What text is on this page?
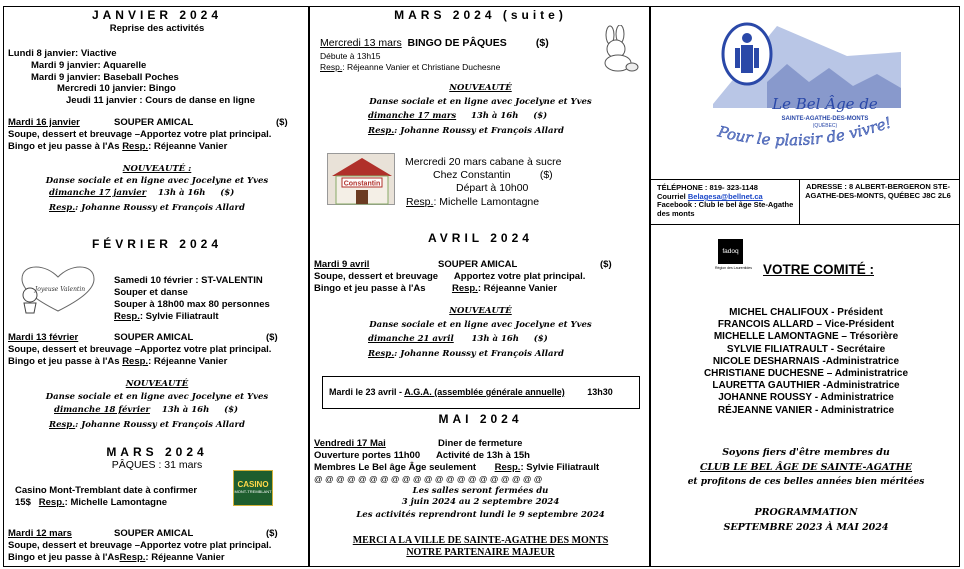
JANVIER 2024
Reprise des activités
Lundi 8 janvier: Viactive
Mardi 9 janvier: Aquarelle
Mardi 9 janvier: Baseball Poches
Mercredi 10 janvier: Bingo
Jeudi 11 janvier : Cours de danse en ligne
Mardi 16 janvier	SOUPER AMICAL	($)
Soupe, dessert et breuvage –Apportez votre plat principal.
Bingo et jeu passe à l'As Resp.: Réjeanne Vanier
NOUVEAUTÉ :
Danse sociale et en ligne avec Jocelyne et Yves
dimanche 17 janvier 13h à 16h ($)
Resp.: Johanne Roussy et François Allard
FÉVRIER 2024
Joyeuse Valentin
Samedi 10 février : ST-VALENTIN
Souper et danse
Souper à 18h00 max 80 personnes
Resp.: Sylvie Filiatrault
Mardi 13 février	SOUPER AMICAL	($)
Soupe, dessert et breuvage –Apportez votre plat principal.
Bingo et jeu passe à l'As Resp.: Réjeanne Vanier
NOUVEAUTÉ
Danse sociale et en ligne avec Jocelyne et Yves
dimanche 18 février 13h à 16h ($)
Resp.: Johanne Roussy et François Allard
MARS 2024
PÂQUES : 31 mars
Casino Mont-Tremblant date à confirmer
15$ Resp.: Michelle Lamontagne
CASINO
MONT-TREMBLANT
Mardi 12 mars	SOUPER AMICAL	($)
Soupe, dessert et breuvage –Apportez votre plat principal.
Bingo et jeu passe à l'AsResp.: Réjeanne Vanier
MARS 2024 (suite)
Mercredi 13 mars BINGO DE PÂQUES	($)
Débute à 13h15
Resp.: Réjeanne Vanier et Christiane Duchesne
NOUVEAUTÉ
Danse sociale et en ligne avec Jocelyne et Yves
dimanche 17 mars 13h à 16h ($)
Resp.: Johanne Roussy et François Allard
Constantin
Mercredi 20 mars cabane à sucre
Chez Constantin	($)
Départ à 10h00
Resp.: Michelle Lamontagne
AVRIL 2024
Mardi 9 avril	SOUPER AMICAL	($)
Soupe, dessert et breuvage Apportez votre plat principal.
Bingo et jeu passe à l'As	Resp.: Réjeanne Vanier
NOUVEAUTÉ
Danse sociale et en ligne avec Jocelyne et Yves
dimanche 21 avril 13h à 16h ($)
Resp.: Johanne Roussy et François Allard
Mardi le 23 avril - A.G.A. (assemblée générale annuelle)	13h30
MAI 2024
Vendredi 17 Mai	Diner de fermeture
Ouverture portes 11h00 Activité de 13h à 15h
Membres Le Bel âge Âge seulement Resp.: Sylvie Filiatrault
@ @ @ @ @ @ @ @ @ @ @ @ @ @ @ @ @ @ @ @ @
Les salles seront fermées du
3 juin 2024 au 2 septembre 2024
Les activités reprendront lundi le 9 septembre 2024
MERCI A LA VILLE DE SAINTE-AGATHE DES MONTS
NOTRE PARTENAIRE MAJEUR
Le Bel Âge de
SAINTE-AGATHE-DES-MONTS
(QUÉBEC)
Pour le plaisir de vivre!
TÉLÉPHONE : 819- 323-1148
Courriel Belagesa@bellnet.ca
Facebook : Club le bel âge Ste-Agathe des monts
ADRESSE : 8 ALBERT-BERGERON STE-AGATHE-DES-MONTS, QUÉBEC J8C 2L6
fadoq
Région des Laurentides VOTRE COMITÉ :
MICHEL CHALIFOUX - Président
FRANCOIS ALLARD – Vice-Président
MICHELLE LAMONTAGNE – Trésorière
SYLVIE FILIATRAULT - Secrétaire
NICOLE DESHARNAIS -Administratrice
CHRISTIANE DUCHESNE – Administratrice
LAURETTA GAUTHIER -Administratrice
JOHANNE ROUSSY - Administratrice
RÉJEANNE VANIER - Administratrice
Soyons fiers d'être membres du
CLUB LE BEL ÂGE DE SAINTE-AGATHE
et profitons de ces belles années bien méritées
PROGRAMMATION
SEPTEMBRE 2023 À MAI 2024
